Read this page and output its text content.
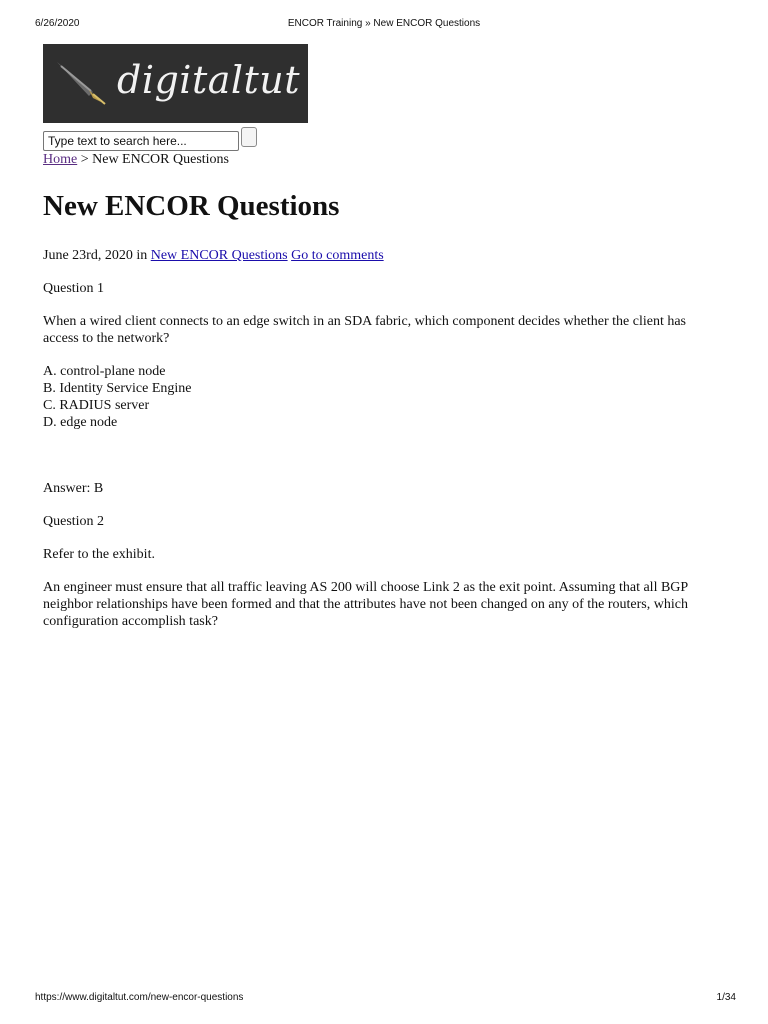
6/26/2020	ENCOR Training » New ENCOR Questions
digitaltut
Type text to search here...
Home > New ENCOR Questions
New ENCOR Questions

June 23rd, 2020 in New ENCOR Questions Go to comments

Question 1

When a wired client connects to an edge switch in an SDA fabric, which component decides whether the client has access to the network?

A. control-plane node
B. Identity Service Engine
C. RADIUS server
D. edge node

Answer: B

Question 2

Refer to the exhibit.

An engineer must ensure that all traffic leaving AS 200 will choose Link 2 as the exit point. Assuming that all BGP neighbor relationships have been formed and that the attributes have not been changed on any of the routers, which configuration accomplish task?

https://www.digitaltut.com/new-encor-questions	1/34
